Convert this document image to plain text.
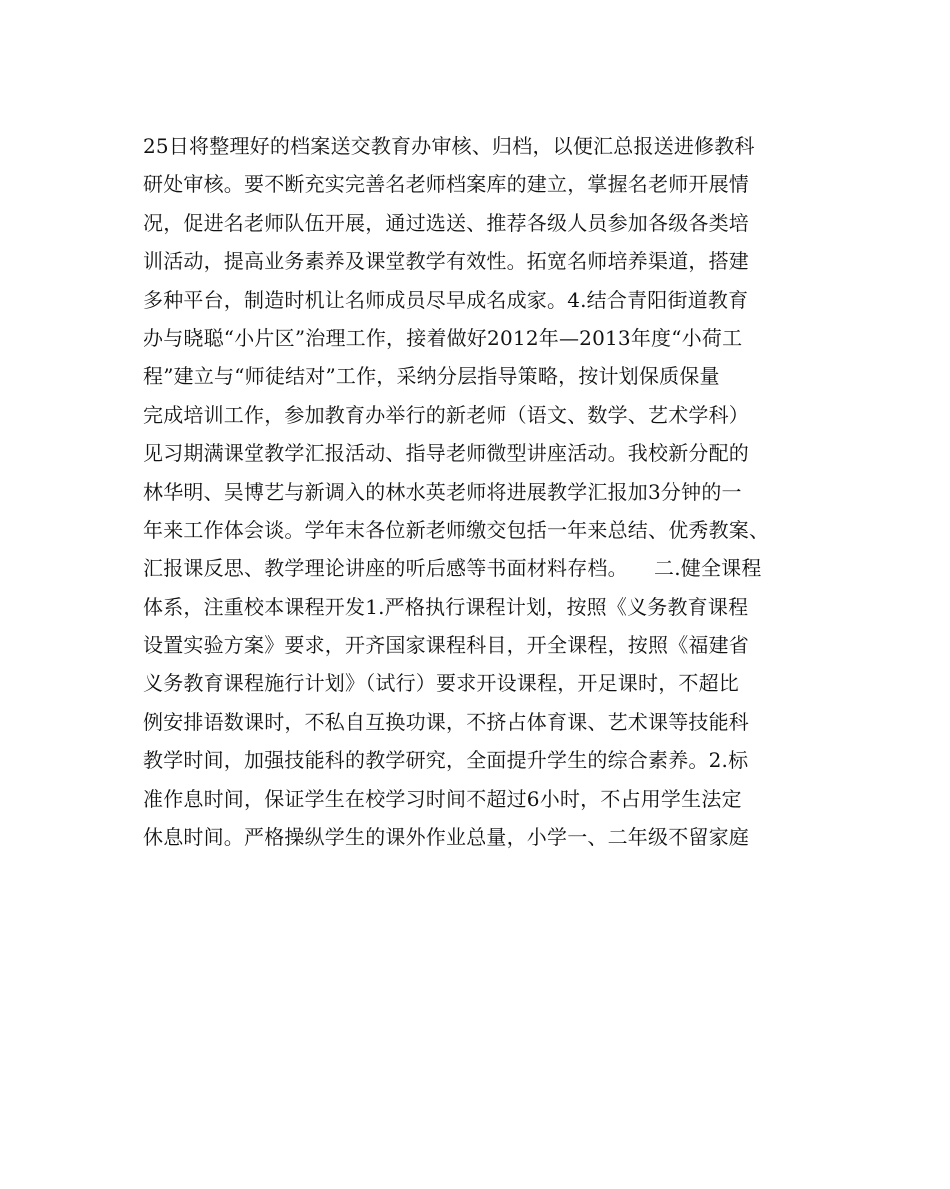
25日将整理好的档案送交教育办审核、归档，以便汇总报送进修教科
研处审核。要不断充实完善名老师档案库的建立，掌握名老师开展情
况，促进名老师队伍开展，通过选送、推荐各级人员参加各级各类培
训活动，提高业务素养及课堂教学有效性。拓宽名师培养渠道，搭建
多种平台，制造时机让名师成员尽早成名成家。4.结合青阳街道教育
办与晓聪“小片区”治理工作，接着做好2012年—2013年度“小荷工
程”建立与“师徒结对”工作，采纳分层指导策略，按计划保质保量
完成培训工作，参加教育办举行的新老师（语文、数学、艺术学科）
见习期满课堂教学汇报活动、指导老师微型讲座活动。我校新分配的
林华明、吴博艺与新调入的林水英老师将进展教学汇报加3分钟的一
年来工作体会谈。学年末各位新老师缴交包括一年来总结、优秀教案、
汇报课反思、教学理论讲座的听后感等书面材料存档。    二.健全课程
体系，注重校本课程开发1.严格执行课程计划，按照《义务教育课程
设置实验方案》要求，开齐国家课程科目，开全课程，按照《福建省
义务教育课程施行计划》（试行）要求开设课程，开足课时，不超比
例安排语数课时，不私自互换功课，不挤占体育课、艺术课等技能科
教学时间，加强技能科的教学研究，全面提升学生的综合素养。2.标
准作息时间，保证学生在校学习时间不超过6小时，不占用学生法定
休息时间。严格操纵学生的课外作业总量，小学一、二年级不留家庭
